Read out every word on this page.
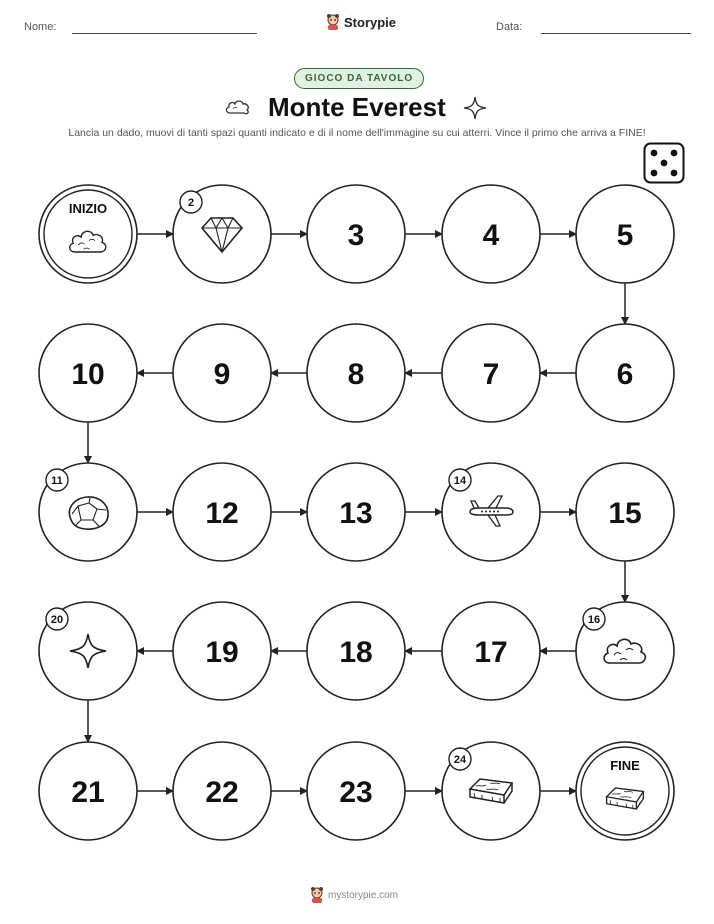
Nome:	Storypie	Data:
GIOCO DA TAVOLO
Monte Everest
Lancia un dado, muovi di tanti spazi quanti indicato e di il nome dell'immagine su cui atterri. Vince il primo che arriva a FINE!
INIZIO	2
3	4	5
6
7
8
9
10
11
12	13
14
15
16
17
18
19
20
21	22	23
24	FINE
mystorypie.com
